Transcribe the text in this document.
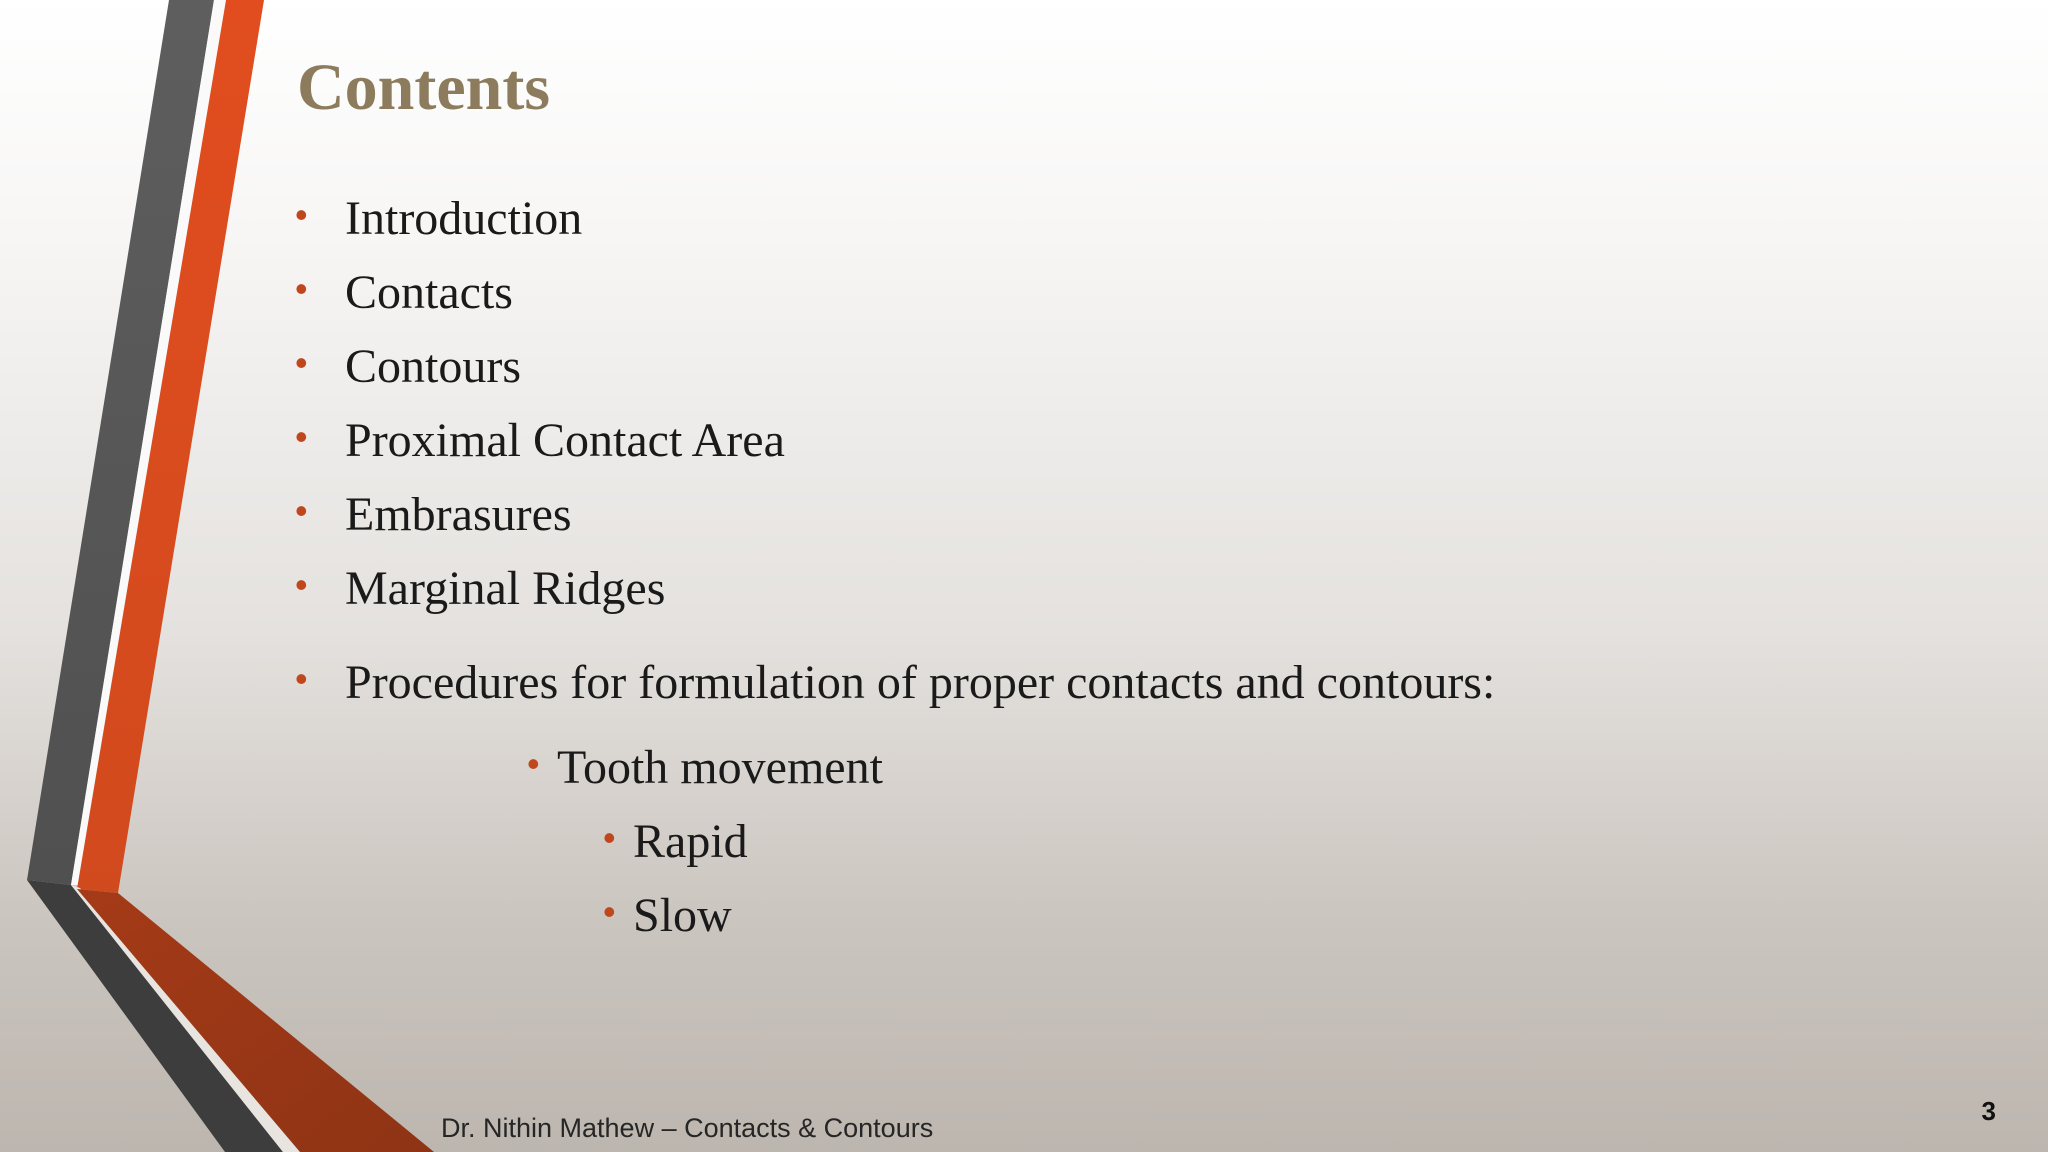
Contents
• Introduction
• Contacts
• Contours
• Proximal Contact Area
• Embrasures
• Marginal Ridges
• Procedures for formulation of proper contacts and contours:
• Tooth movement
• Rapid
• Slow
Dr. Nithin Mathew – Contacts & Contours
3
